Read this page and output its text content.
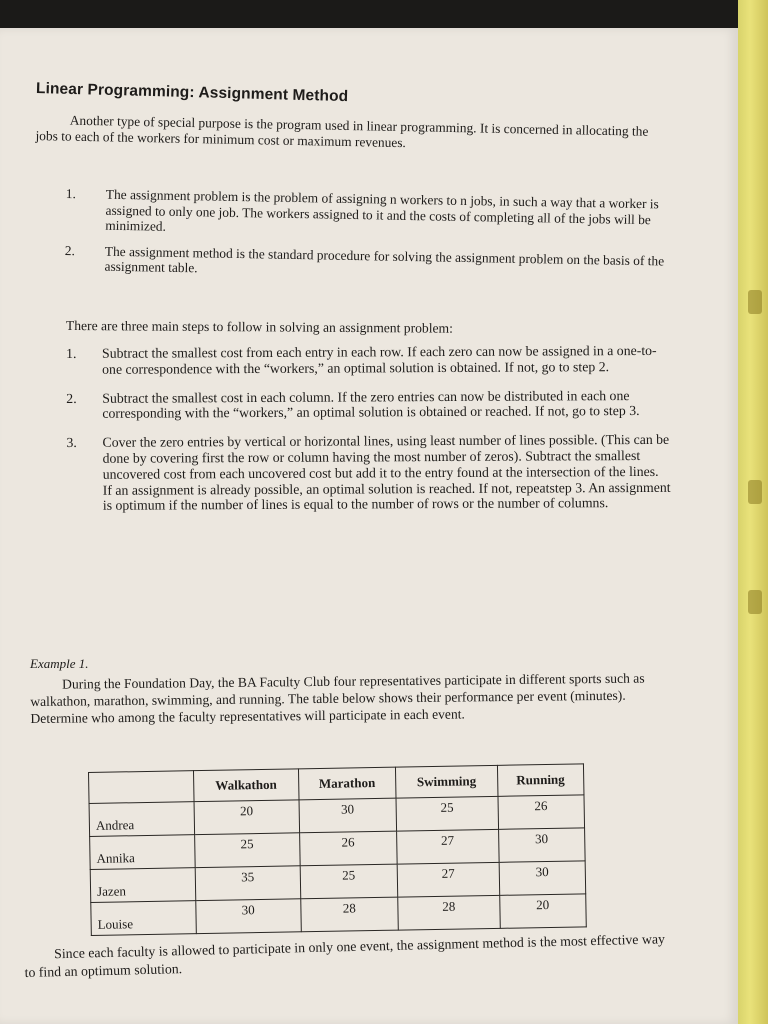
Linear Programming: Assignment Method
Another type of special purpose is the program used in linear programming. It is concerned in allocating the jobs to each of the workers for minimum cost or maximum revenues.
1.	The assignment problem is the problem of assigning n workers to n jobs, in such a way that a worker is assigned to only one job. The workers assigned to it and the costs of completing all of the jobs will be minimized.
2.	The assignment method is the standard procedure for solving the assignment problem on the basis of the assignment table.
There are three main steps to follow in solving an assignment problem:
1.	Subtract the smallest cost from each entry in each row. If each zero can now be assigned in a one-to-one correspondence with the “workers,” an optimal solution is obtained. If not, go to step 2.
2.	Subtract the smallest cost in each column. If the zero entries can now be distributed in each one corresponding with the “workers,” an optimal solution is obtained or reached. If not, go to step 3.
3.	Cover the zero entries by vertical or horizontal lines, using least number of lines possible. (This can be done by covering first the row or column having the most number of zeros). Subtract the smallest uncovered cost from each uncovered cost but add it to the entry found at the intersection of the lines. If an assignment is already possible, an optimal solution is reached. If not, repeatstep 3. An assignment is optimum if the number of lines is equal to the number of rows or the number of columns.
Example 1.
During the Foundation Day, the BA Faculty Club four representatives participate in different sports such as walkathon, marathon, swimming, and running. The table below shows their performance per event (minutes). Determine who among the faculty representatives will participate in each event.
	Walkathon	Marathon	Swimming	Running
Andrea	20	30	25	26
Annika	25	26	27	30
Jazen	35	25	27	30
Louise	30	28	28	20
Since each faculty is allowed to participate in only one event, the assignment method is the most effective way to find an optimum solution.
